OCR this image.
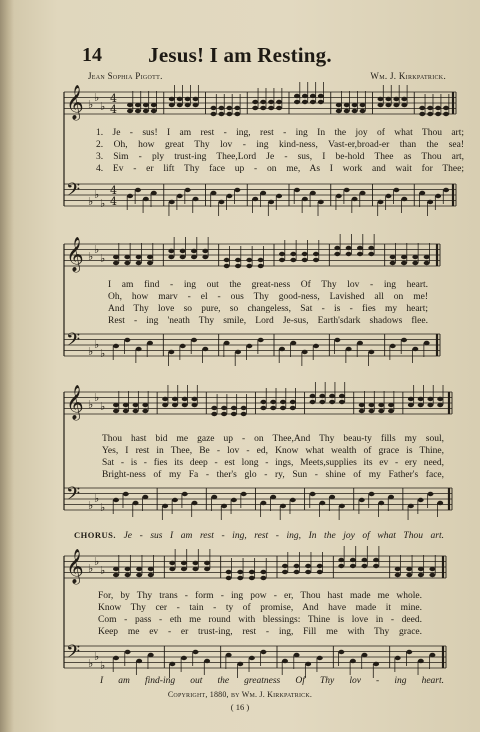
14	Jesus! I am Resting.
Jean Sophia Pigott.	Wm. J. Kirkpatrick.
𝄞
𝄢
♭
♭
♭
♭
♭
♭
4
4
4
4
𝄞
𝄢
♭
♭
♭
♭
♭
♭
𝄞
𝄢
♭
♭
♭
♭
♭
♭
𝄞
𝄢
♭
♭
♭
♭
♭
♭
1. Je - sus! I am rest - ing, rest - ing In the joy of what Thou art;
2. Oh, how great Thy lov - ing kind-ness, Vast-er,broad-er than the sea!
3. Sim - ply trust-ing Thee,Lord Je - sus, I be-hold Thee as Thou art,
4. Ev - er lift Thy face up - on me, As I work and wait for Thee;
I am find - ing out the great-ness Of Thy lov - ing heart.
Oh, how marv - el - ous Thy good-ness, Lavished all on me!
And Thy love so pure, so changeless, Sat - is - fies my heart;
Rest - ing 'neath Thy smile, Lord Je-sus, Earth'sdark shadows flee.
Thou hast bid me gaze up - on Thee,And Thy beau-ty fills my soul,
Yes, I rest in Thee, Be - lov - ed, Know what wealth of grace is Thine,
Sat - is - fies its deep - est long - ings, Meets,supplies its ev - ery need,
Bright-ness of my Fa - ther's glo - ry, Sun - shine of my Father's face,
CHORUS. Je - sus I am rest - ing, rest - ing, In the joy of what Thou art.
For, by Thy trans - form - ing pow - er, Thou hast made me whole.
Know Thy cer - tain - ty of promise, And have made it mine.
Com - pass - eth me round with blessings: Thine is love in - deed.
Keep me ev - er trust-ing, rest - ing, Fill me with Thy grace.
I am find-ing out the greatness Of Thy lov - ing heart.
Copyright, 1880, by Wm. J. Kirkpatrick.
( 16 )
